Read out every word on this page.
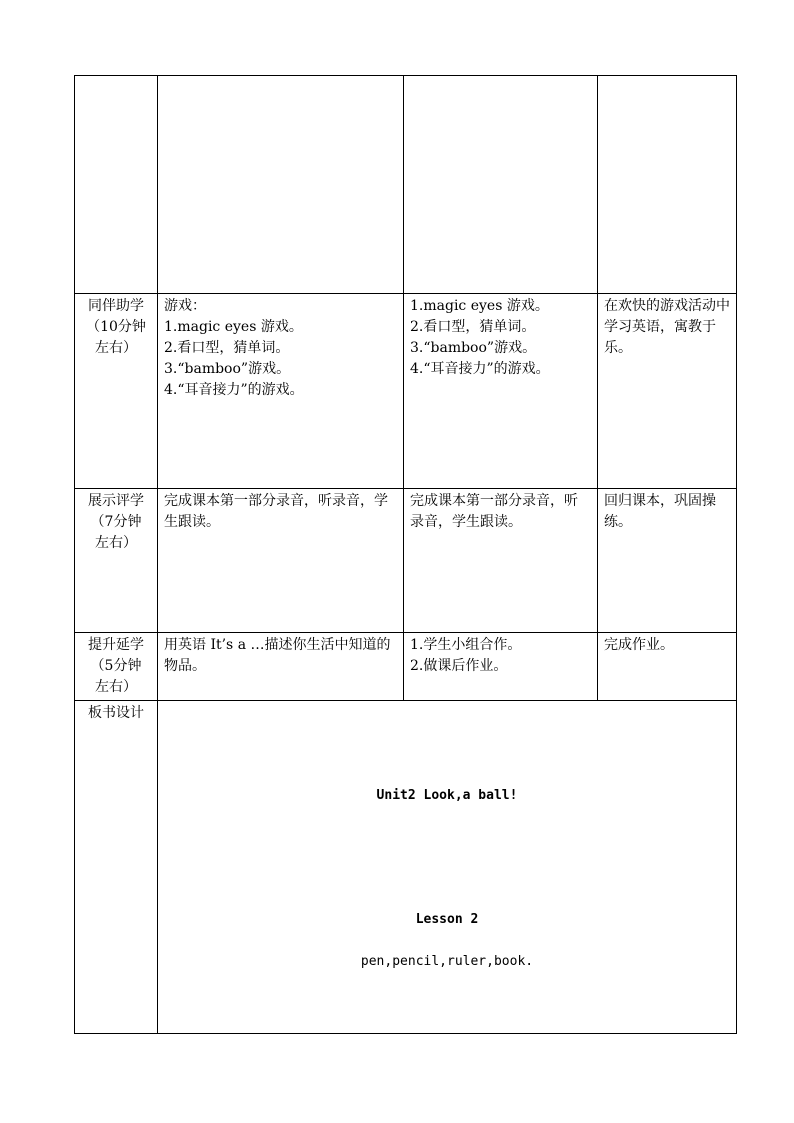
同伴助学
（10分钟
左右）	游戏：
1.magic eyes 游戏。
2.看口型，猜单词。
3.“bamboo”游戏。
4.“耳音接力”的游戏。	1.magic eyes 游戏。
2.看口型，猜单词。
3.“bamboo”游戏。
4.“耳音接力”的游戏。	在欢快的游戏活动中学习英语，寓教于乐。

展示评学
（7分钟
左右）	完成课本第一部分录音，听录音，学生跟读。	完成课本第一部分录音，听录音，学生跟读。	回归课本，巩固操练。

提升延学
（5分钟
左右）	用英语 It’s a …描述你生活中知道的物品。	1.学生小组合作。
2.做课后作业。	完成作业。

板书设计	Unit2 Look,a ball!
Lesson 2
pen,pencil,ruler,book.		
